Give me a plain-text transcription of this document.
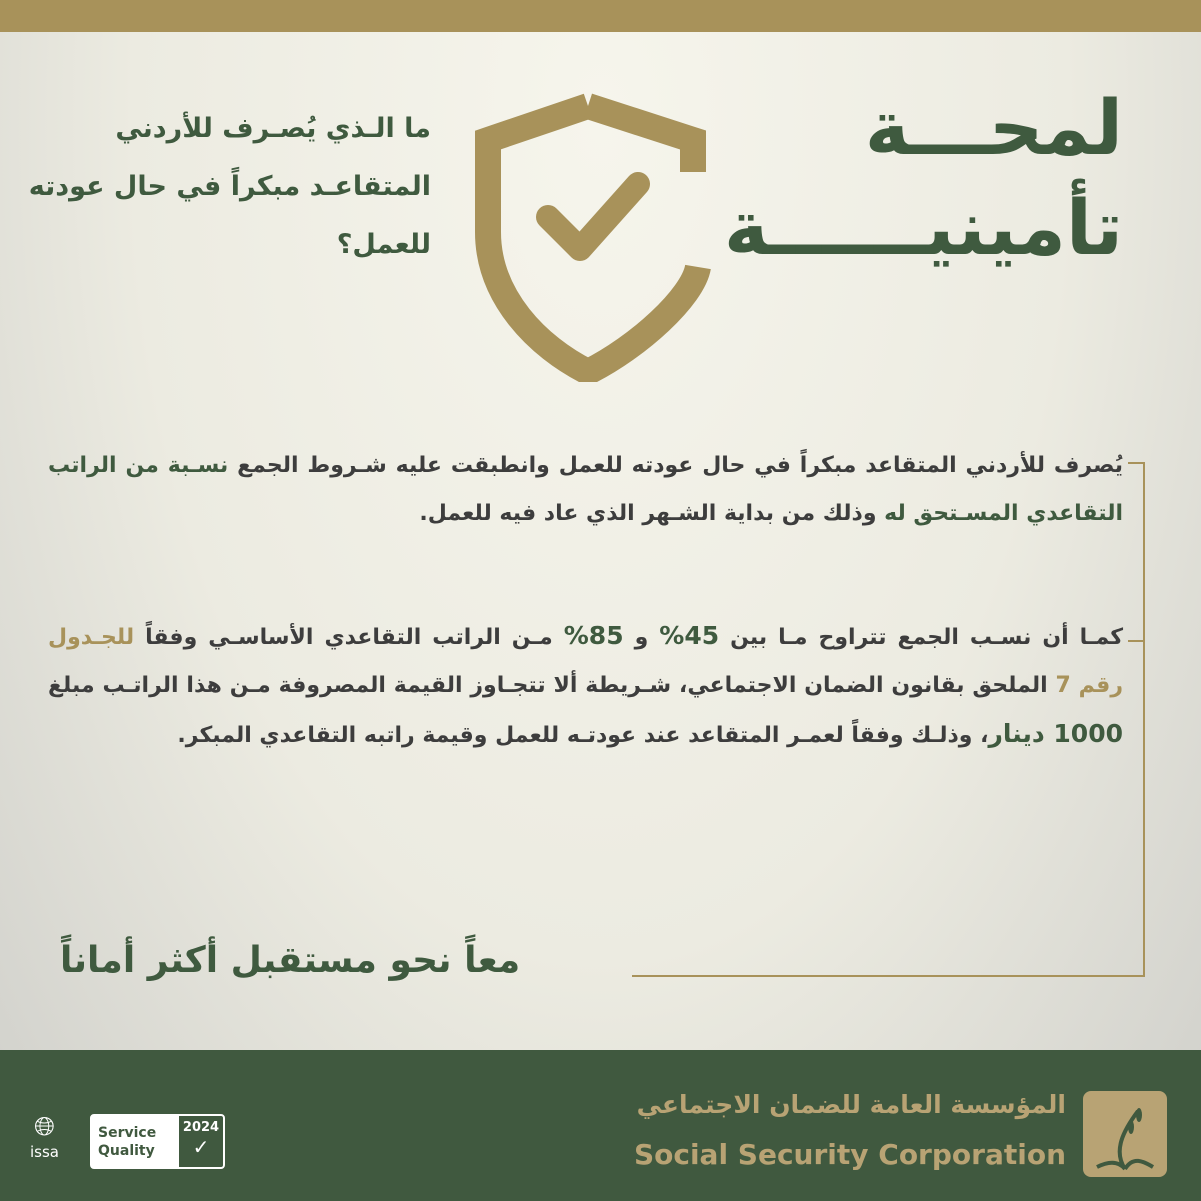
لمحـــة
تأمينيــــــة
ما الـذي يُصـرف للأردني المتقاعـد مبكراً في حال عودته للعمل؟
يُصرف للأردني المتقاعد مبكراً في حال عودته للعمل وانطبقت عليه شـروط الجمع نسـبة من الراتب التقاعدي المسـتحق له وذلك من بداية الشـهر الذي عاد فيه للعمل.
كمـا أن نسـب الجمع تتراوح مـا بين 45% و 85% مـن الراتب التقاعدي الأساسـي وفقاً للجـدول رقم 7 الملحق بقانون الضمان الاجتماعي، شـريطة ألا تتجـاوز القيمة المصروفة مـن هذا الراتـب مبلغ 1000 دينار، وذلـك وفقاً لعمـر المتقاعد عند عودتـه للعمل وقيمة راتبه التقاعدي المبكر.
معاً نحو مستقبل أكثر أماناً
المؤسسة العامة للضمان الاجتماعي
Social Security Corporation
🌐︎
issa
Service
Quality
2024
✓
